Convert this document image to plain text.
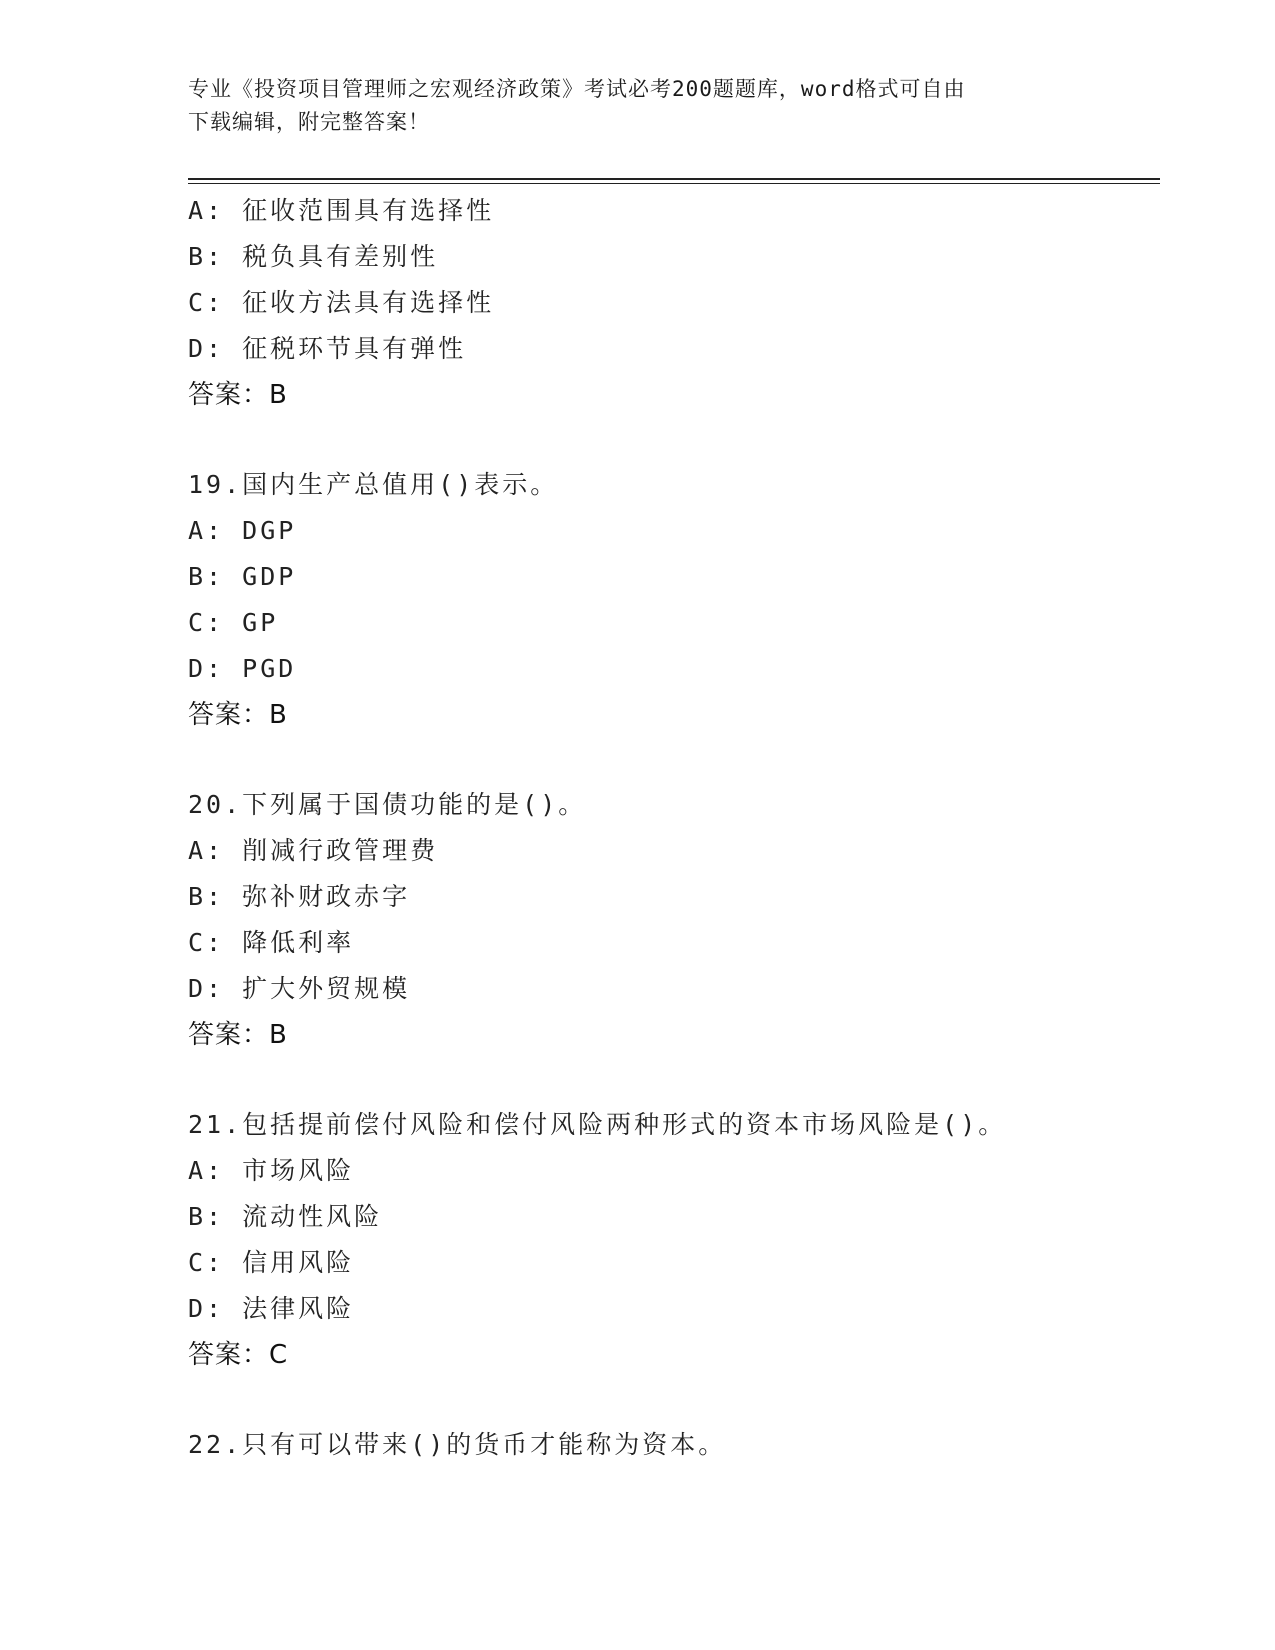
专业《投资项目管理师之宏观经济政策》考试必考200题题库，word格式可自由
下载编辑，附完整答案！
A: 征收范围具有选择性
B: 税负具有差别性
C: 征收方法具有选择性
D: 征税环节具有弹性
答案：B
19.国内生产总值用()表示。
A: DGP
B: GDP
C: GP
D: PGD
答案：B
20.下列属于国债功能的是()。
A: 削减行政管理费
B: 弥补财政赤字
C: 降低利率
D: 扩大外贸规模
答案：B
21.包括提前偿付风险和偿付风险两种形式的资本市场风险是()。
A: 市场风险
B: 流动性风险
C: 信用风险
D: 法律风险
答案：C
22.只有可以带来()的货币才能称为资本。
